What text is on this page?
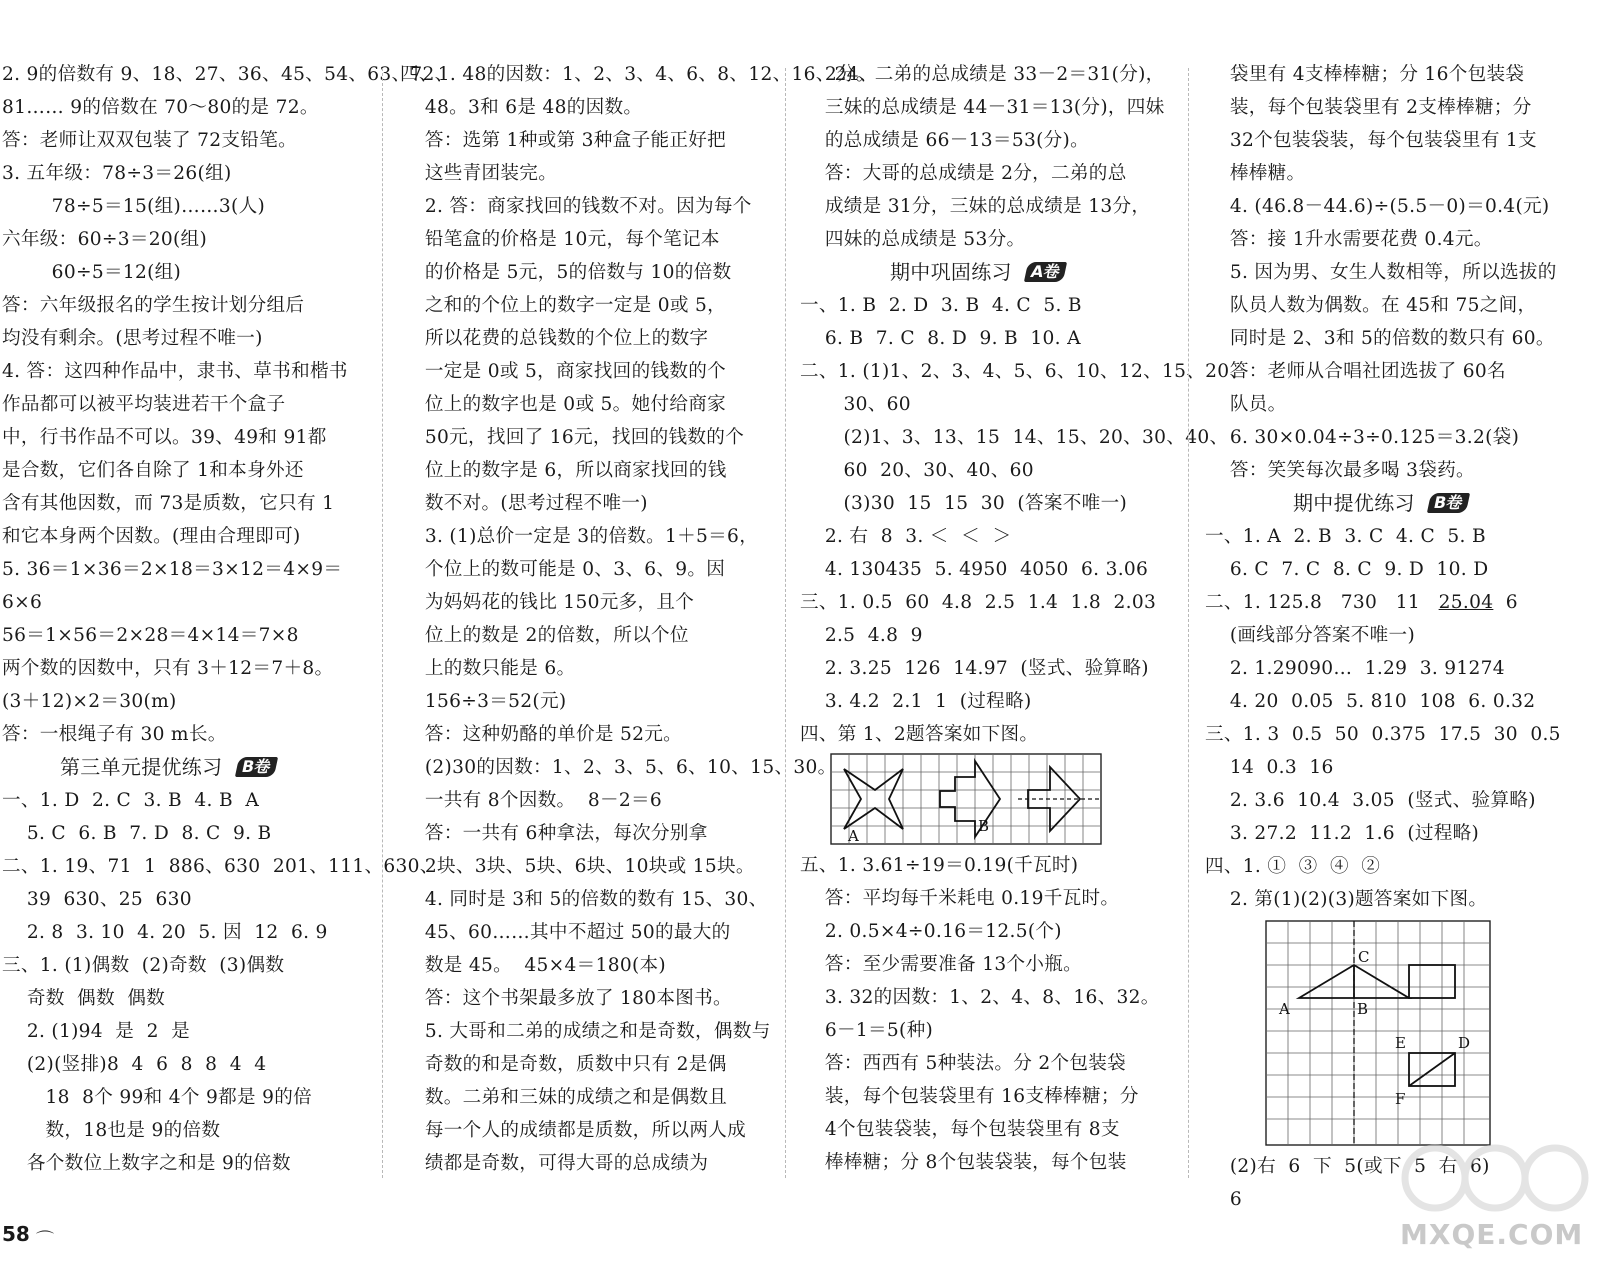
2. 9的倍数有 9、18、27、36、45、54、63、72、
81…… 9的倍数在 70～80的是 72。
答：老师让双双包装了 72支铅笔。
3. 五年级：78÷3＝26(组)
78÷5＝15(组)……3(人)
六年级：60÷3＝20(组)
60÷5＝12(组)
答：六年级报名的学生按计划分组后
均没有剩余。(思考过程不唯一)
4. 答：这四种作品中，隶书、草书和楷书
作品都可以被平均装进若干个盒子
中，行书作品不可以。39、49和 91都
是合数，它们各自除了 1和本身外还
含有其他因数，而 73是质数，它只有 1
和它本身两个因数。(理由合理即可)
5. 36＝1×36＝2×18＝3×12＝4×9＝
6×6
56＝1×56＝2×28＝4×14＝7×8
两个数的因数中，只有 3＋12＝7＋8。
(3＋12)×2＝30(m)
答：一根绳子有 30 m长。
第三单元提优练习 B卷
一、1. D  2. C  3. B  4. B  A
5. C  6. B  7. D  8. C  9. B
二、1. 19、71  1  886、630  201、111、630、
39  630、25  630
2. 8  3. 10  4. 20  5. 因  12  6. 9
三、1. (1)偶数  (2)奇数  (3)偶数
奇数  偶数  偶数
2. (1)94  是  2  是
(2)(竖排)8  4  6  8  8  4  4
18  8个 99和 4个 9都是 9的倍
数，18也是 9的倍数
各个数位上数字之和是 9的倍数
四、1. 48的因数：1、2、3、4、6、8、12、16、24、
48。3和 6是 48的因数。
答：选第 1种或第 3种盒子能正好把
这些青团装完。
2. 答：商家找回的钱数不对。因为每个
铅笔盒的价格是 10元，每个笔记本
的价格是 5元，5的倍数与 10的倍数
之和的个位上的数字一定是 0或 5，
所以花费的总钱数的个位上的数字
一定是 0或 5，商家找回的钱数的个
位上的数字也是 0或 5。她付给商家
50元，找回了 16元，找回的钱数的个
位上的数字是 6，所以商家找回的钱
数不对。(思考过程不唯一)
3. (1)总价一定是 3的倍数。1＋5＝6，
个位上的数可能是 0、3、6、9。因
为妈妈花的钱比 150元多，且个
位上的数是 2的倍数，所以个位
上的数只能是 6。
156÷3＝52(元)
答：这种奶酪的单价是 52元。
(2)30的因数：1、2、3、5、6、10、15、30。
一共有 8个因数。  8－2＝6
答：一共有 6种拿法，每次分别拿
2块、3块、5块、6块、10块或 15块。
4. 同时是 3和 5的倍数的数有 15、30、
45、60……其中不超过 50的最大的
数是 45。  45×4＝180(本)
答：这个书架最多放了 180本图书。
5. 大哥和二弟的成绩之和是奇数，偶数与
奇数的和是奇数，质数中只有 2是偶
数。二弟和三妹的成绩之和是偶数且
每一个人的成绩都是质数，所以两人成
绩都是奇数，可得大哥的总成绩为
2分。二弟的总成绩是 33－2＝31(分)，
三妹的总成绩是 44－31＝13(分)，四妹
的总成绩是 66－13＝53(分)。
答：大哥的总成绩是 2分，二弟的总
成绩是 31分，三妹的总成绩是 13分，
四妹的总成绩是 53分。
期中巩固练习 A卷
一、1. B  2. D  3. B  4. C  5. B
6. B  7. C  8. D  9. B  10. A
二、1. (1)1、2、3、4、5、6、10、12、15、20、
30、60
(2)1、3、13、15  14、15、20、30、40、
60  20、30、40、60
(3)30  15  15  30  (答案不唯一)
2. 右  8  3. ＜  ＜  ＞
4. 130435  5. 4950  4050  6. 3.06
三、1. 0.5  60  4.8  2.5  1.4  1.8  2.03
2.5  4.8  9
2. 3.25  126  14.97  (竖式、验算略)
3. 4.2  2.1  1  (过程略)
四、第 1、2题答案如下图。
A
B
五、1. 3.61÷19＝0.19(千瓦时)
答：平均每千米耗电 0.19千瓦时。
2. 0.5×4÷0.16＝12.5(个)
答：至少需要准备 13个小瓶。
3. 32的因数：1、2、4、8、16、32。
6－1＝5(种)
答：西西有 5种装法。分 2个包装袋
装，每个包装袋里有 16支棒棒糖；分
4个包装袋装，每个包装袋里有 8支
棒棒糖；分 8个包装袋装，每个包装
袋里有 4支棒棒糖；分 16个包装袋
装，每个包装袋里有 2支棒棒糖；分
32个包装袋装，每个包装袋里有 1支
棒棒糖。
4. (46.8－44.6)÷(5.5－0)＝0.4(元)
答：接 1升水需要花费 0.4元。
5. 因为男、女生人数相等，所以选拔的
队员人数为偶数。在 45和 75之间，
同时是 2、3和 5的倍数的数只有 60。
答：老师从合唱社团选拔了 60名
队员。
6. 30×0.04÷3÷0.125＝3.2(袋)
答：笑笑每次最多喝 3袋药。
期中提优练习 B卷
一、1. A  2. B  3. C  4. C  5. B
6. C  7. C  8. C  9. D  10. D
二、1. 125.8   730   11   25.04  6
(画线部分答案不唯一)
2. 1.29090…  1.29  3. 91274
4. 20  0.05  5. 810  108  6. 0.32
三、1. 3  0.5  50  0.375  17.5  30  0.5
14  0.3  16
2. 3.6  10.4  3.05  (竖式、验算略)
3. 27.2  11.2  1.6  (过程略)
四、1. ①  ③  ④  ②
2. 第(1)(2)(3)题答案如下图。
C
A	B
E	D
F
(2)右  6  下  5(或下  5  右  6)
6
58 ⌒	MXQE.COM
